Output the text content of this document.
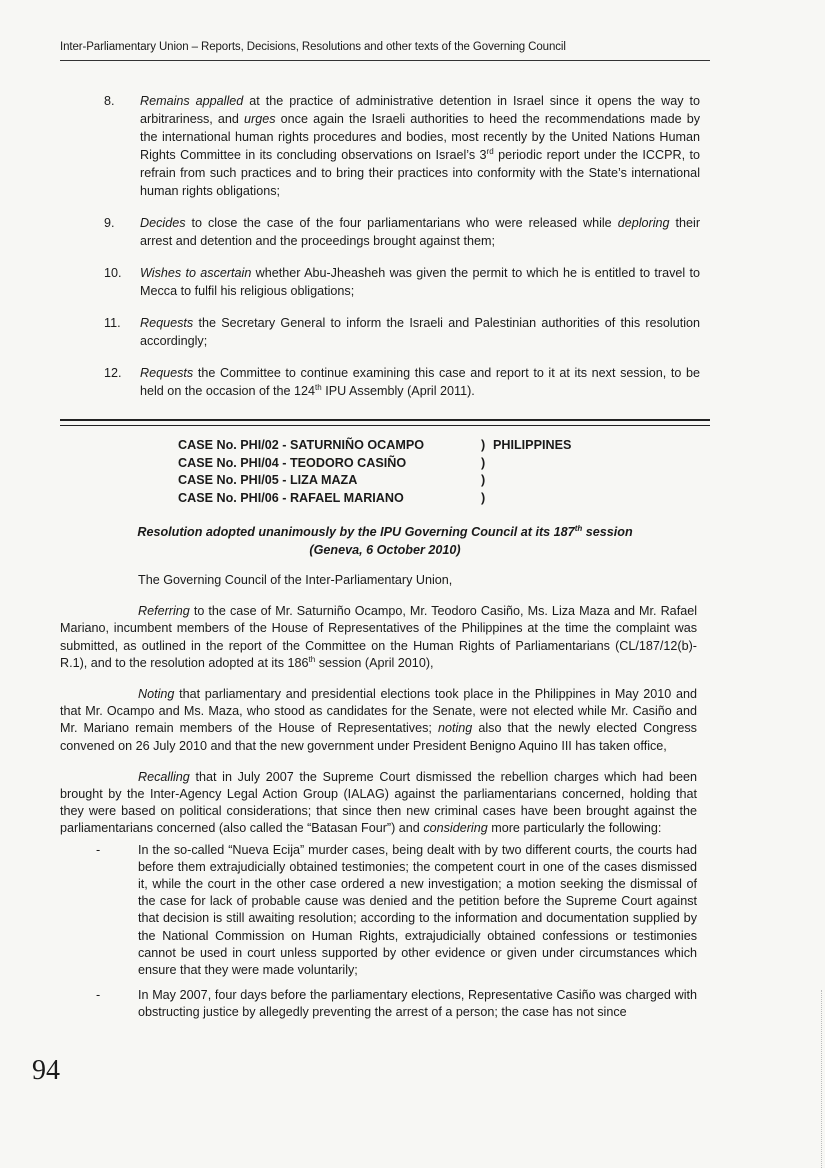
Inter-Parliamentary Union – Reports, Decisions, Resolutions and other texts of the Governing Council
8. Remains appalled at the practice of administrative detention in Israel since it opens the way to arbitrariness, and urges once again the Israeli authorities to heed the recommendations made by the international human rights procedures and bodies, most recently by the United Nations Human Rights Committee in its concluding observations on Israel’s 3rd periodic report under the ICCPR, to refrain from such practices and to bring their practices into conformity with the State’s international human rights obligations;
9. Decides to close the case of the four parliamentarians who were released while deploring their arrest and detention and the proceedings brought against them;
10. Wishes to ascertain whether Abu-Jheasheh was given the permit to which he is entitled to travel to Mecca to fulfil his religious obligations;
11. Requests the Secretary General to inform the Israeli and Palestinian authorities of this resolution accordingly;
12. Requests the Committee to continue examining this case and report to it at its next session, to be held on the occasion of the 124th IPU Assembly (April 2011).
CASE No. PHI/02 - SATURNIÑO OCAMPO	) PHILIPPINES
CASE No. PHI/04 - TEODORO CASIÑO	)
CASE No. PHI/05 - LIZA MAZA	)
CASE No. PHI/06 - RAFAEL MARIANO	)
Resolution adopted unanimously by the IPU Governing Council at its 187th session
(Geneva, 6 October 2010)

The Governing Council of the Inter-Parliamentary Union,

Referring to the case of Mr. Saturniño Ocampo, Mr. Teodoro Casiño, Ms. Liza Maza and Mr. Rafael Mariano, incumbent members of the House of Representatives of the Philippines at the time the complaint was submitted, as outlined in the report of the Committee on the Human Rights of Parliamentarians (CL/187/12(b)-R.1), and to the resolution adopted at its 186th session (April 2010),

Noting that parliamentary and presidential elections took place in the Philippines in May 2010 and that Mr. Ocampo and Ms. Maza, who stood as candidates for the Senate, were not elected while Mr. Casiño and Mr. Mariano remain members of the House of Representatives; noting also that the newly elected Congress convened on 26 July 2010 and that the new government under President Benigno Aquino III has taken office,

Recalling that in July 2007 the Supreme Court dismissed the rebellion charges which had been brought by the Inter-Agency Legal Action Group (IALAG) against the parliamentarians concerned, holding that they were based on political considerations; that since then new criminal cases have been brought against the parliamentarians concerned (also called the “Batasan Four”) and considering more particularly the following:

-	In the so-called “Nueva Ecija” murder cases, being dealt with by two different courts, the courts had before them extrajudicially obtained testimonies; the competent court in one of the cases dismissed it, while the court in the other case ordered a new investigation; a motion seeking the dismissal of the case for lack of probable cause was denied and the petition before the Supreme Court against that decision is still awaiting resolution; according to the information and documentation supplied by the National Commission on Human Rights, extrajudicially obtained confessions or testimonies cannot be used in court unless supported by other evidence or given under circumstances which ensure that they were made voluntarily;
-	In May 2007, four days before the parliamentary elections, Representative Casiño was charged with obstructing justice by allegedly preventing the arrest of a person; the case has not since
94
